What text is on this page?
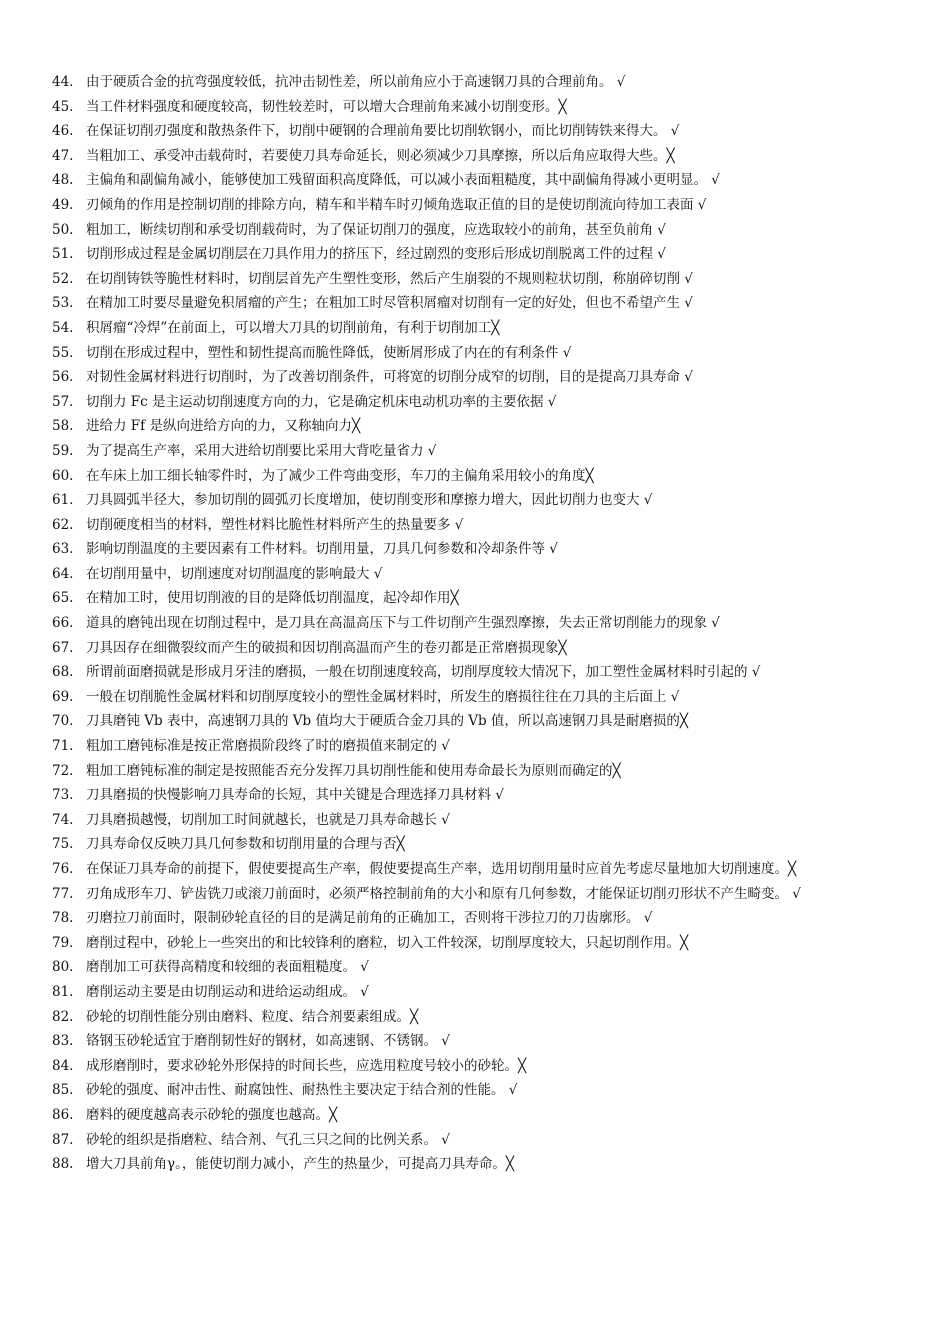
44. 由于硬质合金的抗弯强度较低，抗冲击韧性差，所以前角应小于高速钢刀具的合理前角。 √
45. 当工件材料强度和硬度较高，韧性较差时，可以增大合理前角来减小切削变形。╳
46. 在保证切削刃强度和散热条件下，切削中硬钢的合理前角要比切削软钢小，而比切削铸铁来得大。 √
47. 当粗加工、承受冲击载荷时，若要使刀具寿命延长，则必须减少刀具摩擦，所以后角应取得大些。╳
48. 主偏角和副偏角减小，能够使加工残留面积高度降低，可以减小表面粗糙度，其中副偏角得减小更明显。 √
49. 刃倾角的作用是控制切削的排除方向，精车和半精车时刃倾角选取正值的目的是使切削流向待加工表面 √
50. 粗加工，断续切削和承受切削载荷时，为了保证切削刀的强度，应选取较小的前角，甚至负前角 √
51. 切削形成过程是金属切削层在刀具作用力的挤压下，经过剧烈的变形后形成切削脱离工件的过程 √
52. 在切削铸铁等脆性材料时，切削层首先产生塑性变形，然后产生崩裂的不规则粒状切削，称崩碎切削 √
53. 在精加工时要尽量避免积屑瘤的产生；在粗加工时尽管积屑瘤对切削有一定的好处，但也不希望产生 √
54. 积屑瘤“冷焊”在前面上，可以增大刀具的切削前角，有利于切削加工╳
55. 切削在形成过程中，塑性和韧性提高而脆性降低，使断屑形成了内在的有利条件 √
56. 对韧性金属材料进行切削时，为了改善切削条件，可将宽的切削分成窄的切削，目的是提高刀具寿命 √
57. 切削力 Fc 是主运动切削速度方向的力，它是确定机床电动机功率的主要依据 √
58. 进给力 Ff 是纵向进给方向的力，又称轴向力╳
59. 为了提高生产率，采用大进给切削要比采用大背吃量省力 √
60. 在车床上加工细长轴零件时，为了减少工件弯曲变形，车刀的主偏角采用较小的角度╳
61. 刀具圆弧半径大，参加切削的圆弧刃长度增加，使切削变形和摩擦力增大，因此切削力也变大 √
62. 切削硬度相当的材料，塑性材料比脆性材料所产生的热量要多 √
63. 影响切削温度的主要因素有工件材料。切削用量，刀具几何参数和冷却条件等 √
64. 在切削用量中，切削速度对切削温度的影响最大 √
65. 在精加工时，使用切削液的目的是降低切削温度，起冷却作用╳
66. 道具的磨钝出现在切削过程中，是刀具在高温高压下与工件切削产生强烈摩擦，失去正常切削能力的现象 √
67. 刀具因存在细微裂纹而产生的破损和因切削高温而产生的卷刃都是正常磨损现象╳
68. 所谓前面磨损就是形成月牙洼的磨损，一般在切削速度较高，切削厚度较大情况下，加工塑性金属材料时引起的 √
69. 一般在切削脆性金属材料和切削厚度较小的塑性金属材料时，所发生的磨损往往在刀具的主后面上 √
70. 刀具磨钝 Vb 表中，高速钢刀具的 Vb 值均大于硬质合金刀具的 Vb 值，所以高速钢刀具是耐磨损的╳
71. 粗加工磨钝标准是按正常磨损阶段终了时的磨损值来制定的 √
72. 粗加工磨钝标准的制定是按照能否充分发挥刀具切削性能和使用寿命最长为原则而确定的╳
73. 刀具磨损的快慢影响刀具寿命的长短，其中关键是合理选择刀具材料 √
74. 刀具磨损越慢，切削加工时间就越长，也就是刀具寿命越长 √
75. 刀具寿命仅反映刀具几何参数和切削用量的合理与否╳
76. 在保证刀具寿命的前提下，假使要提高生产率，假使要提高生产率，选用切削用量时应首先考虑尽量地加大切削速度。╳
77. 刃角成形车刀、铲齿铣刀或滚刀前面时，必须严格控制前角的大小和原有几何参数，才能保证切削刃形状不产生畸变。 √
78. 刃磨拉刀前面时，限制砂轮直径的目的是满足前角的正确加工，否则将干涉拉刀的刀齿廓形。 √
79. 磨削过程中，砂轮上一些突出的和比较锋利的磨粒，切入工件较深，切削厚度较大，只起切削作用。╳
80. 磨削加工可获得高精度和较细的表面粗糙度。 √
81. 磨削运动主要是由切削运动和进给运动组成。 √
82. 砂轮的切削性能分别由磨料、粒度、结合剂要素组成。╳
83. 铬钢玉砂轮适宜于磨削韧性好的钢材，如高速钢、不锈钢。 √
84. 成形磨削时，要求砂轮外形保持的时间长些，应选用粒度号较小的砂轮。╳
85. 砂轮的强度、耐冲击性、耐腐蚀性、耐热性主要决定于结合剂的性能。 √
86. 磨料的硬度越高表示砂轮的强度也越高。╳
87. 砂轮的组织是指磨粒、结合剂、气孔三只之间的比例关系。 √
88. 增大刀具前角γ。，能使切削力减小，产生的热量少，可提高刀具寿命。╳
